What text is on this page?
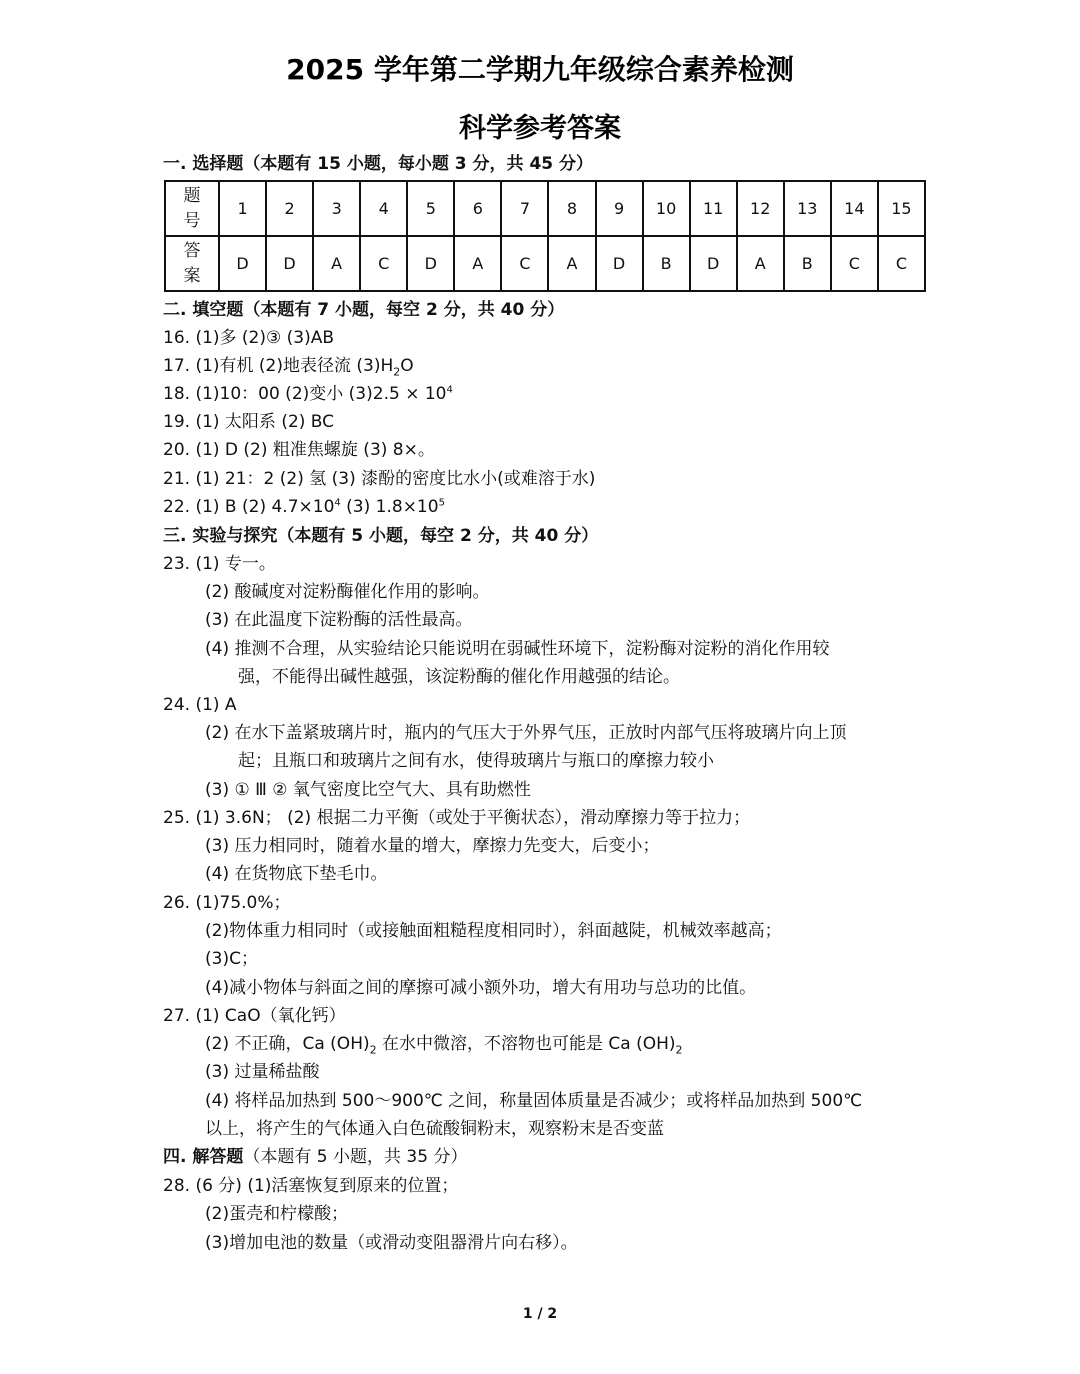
2025 学年第二学期九年级综合素养检测
科学参考答案
一. 选择题（本题有 15 小题，每小题 3 分，共 45 分）
题
号	1	2	3	4	5	6	7	8	9	10	11	12	13	14	15

答
案	D	D	A	C	D	A	C	A	D	B	D	A	B	C	C
二. 填空题（本题有 7 小题，每空 2 分，共 40 分）
16. (1)多 (2)③ (3)AB
17. (1)有机 (2)地表径流 $(3)H_2O$
18. (1)10：00 (2)变小 $(3)2.5 \times 10^4$
19. (1) 太阳系 (2) BC
20. (1) D (2) 粗准焦螺旋 (3) 8×。
21. (1) 21：2 (2) 氢 (3) 漆酚的密度比水小(或难溶于水)
22. (1) B (2) $4.7\times 10^4$ (3) $1.8\times 10^5$
三. 实验与探究（本题有 5 小题，每空 2 分，共 40 分）
23. (1) 专一。
(2) 酸碱度对淀粉酶催化作用的影响。
(3) 在此温度下淀粉酶的活性最高。
(4) 推测不合理，从实验结论只能说明在弱碱性环境下，淀粉酶对淀粉的消化作用较
强，不能得出碱性越强，该淀粉酶的催化作用越强的结论。
24. (1) A
(2) 在水下盖紧玻璃片时，瓶内的气压大于外界气压，正放时内部气压将玻璃片向上顶
起；且瓶口和玻璃片之间有水，使得玻璃片与瓶口的摩擦力较小
(3) ① Ⅲ ② 氧气密度比空气大、具有助燃性
25. (1) 3.6N； (2) 根据二力平衡（或处于平衡状态），滑动摩擦力等于拉力；
(3) 压力相同时，随着水量的增大，摩擦力先变大，后变小；
(4) 在货物底下垫毛巾。
26. (1)75.0%；
(2)物体重力相同时（或接触面粗糙程度相同时），斜面越陡，机械效率越高；
(3)C；
(4)减小物体与斜面之间的摩擦可减小额外功，增大有用功与总功的比值。
27. (1) CaO（氧化钙）
(2) 不正确，Ca $(OH)_2$ 在水中微溶，不溶物也可能是 Ca $(OH)_2$
(3) 过量稀盐酸
(4) 将样品加热到 500～900℃ 之间，称量固体质量是否减少；或将样品加热到 500℃
以上，将产生的气体通入白色硫酸铜粉末，观察粉末是否变蓝
四. 解答题（本题有 5 小题，共 35 分）
28. (6 分) (1)活塞恢复到原来的位置；
(2)蛋壳和柠檬酸；
(3)增加电池的数量（或滑动变阻器滑片向右移）。
1 / 2
